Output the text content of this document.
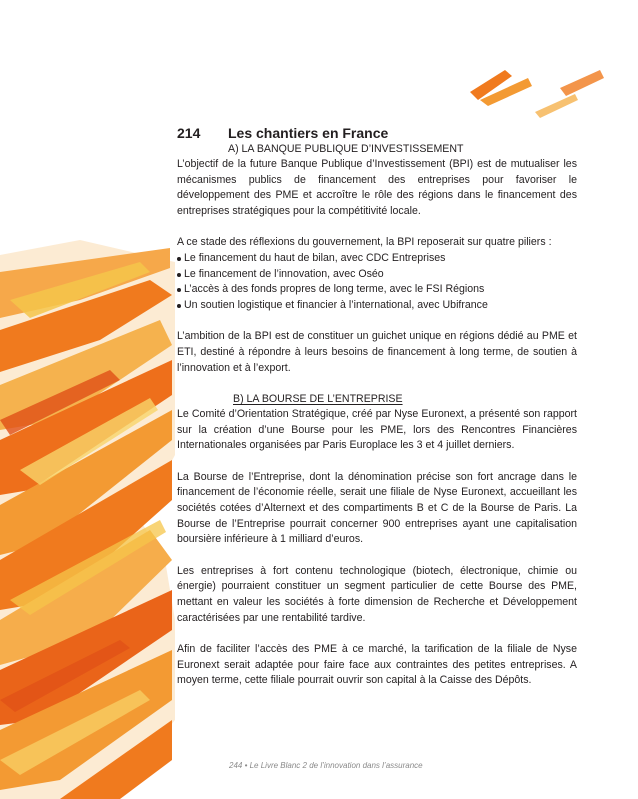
214	Les chantiers en France
A) LA BANQUE PUBLIQUE D’INVESTISSEMENT

L’objectif de la future Banque Publique d’Investissement (BPI) est de mutualiser les mécanismes publics de financement des entreprises pour favoriser le développement des PME et accroître le rôle des régions dans le financement des entreprises stratégiques pour la compétitivité locale.

A ce stade des réflexions du gouvernement, la BPI reposerait sur quatre piliers :

Le financement du haut de bilan, avec CDC Entreprises
Le financement de l’innovation, avec Oséo
L’accès à des fonds propres de long terme, avec le FSI Régions
Un soutien logistique et financier à l’international, avec Ubifrance

L’ambition de la BPI est de constituer un guichet unique en régions dédié au PME et ETI, destiné à répondre à leurs besoins de financement à long terme, de soutien à l’innovation et à l’export.

B) LA BOURSE DE L’ENTREPRISE

Le Comité d’Orientation Stratégique, créé par Nyse Euronext, a présenté son rapport sur la création d’une Bourse pour les PME, lors des Rencontres Financières Internationales organisées par Paris Europlace les 3 et 4 juillet derniers.

La Bourse de l’Entreprise, dont la dénomination précise son fort ancrage dans le financement de l’économie réelle, serait une filiale de Nyse Euronext, accueillant les sociétés cotées d’Alternext et des compartiments B et C de la Bourse de Paris. La Bourse de l’Entreprise pourrait concerner 900 entreprises ayant une capitalisation boursière inférieure à 1 milliard d’euros.

Les entreprises à fort contenu technologique (biotech, électronique, chimie ou énergie) pourraient constituer un segment particulier de cette Bourse des PME, mettant en valeur les sociétés à forte dimension de Recherche et Développement caractérisées par une rentabilité tardive.

Afin de faciliter l’accès des PME à ce marché, la tarification de la filiale de Nyse Euronext serait adaptée pour faire face aux contraintes des petites entreprises. A moyen terme, cette filiale pourrait ouvrir son capital à la Caisse des Dépôts.

244 • Le Livre Blanc 2 de l’innovation dans l’assurance
